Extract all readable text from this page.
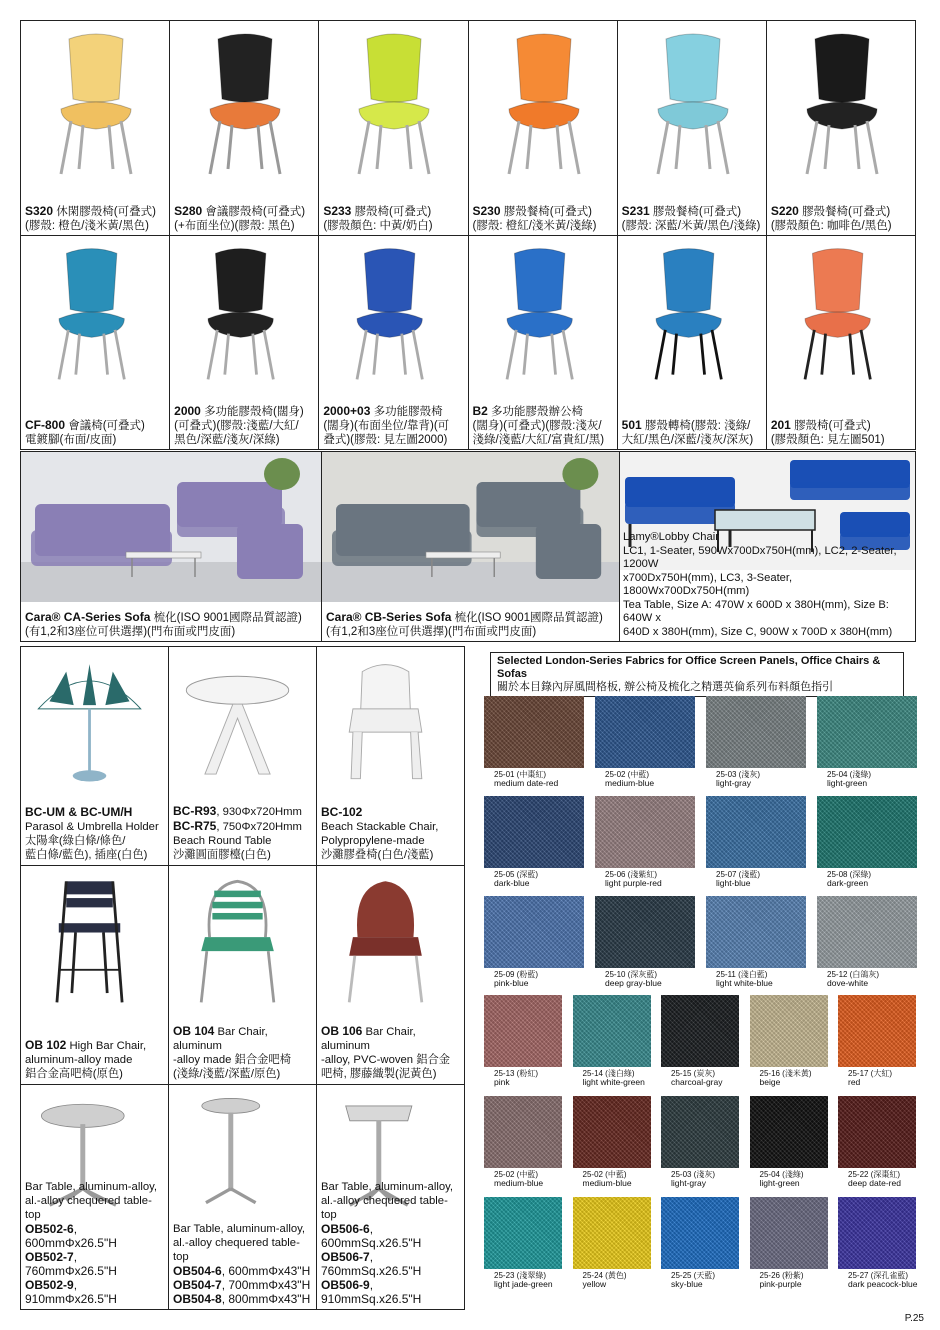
S320 休閑膠殼椅(可叠式)
(膠殼: 橙色/淺米黃/黑色)
S280 會議膠殼椅(可叠式)
(+布面坐位)(膠殼: 黑色)
S233 膠殼椅(可叠式)
(膠殼顏色: 中黃/奶白)
S230 膠殼餐椅(可叠式)
(膠殼: 橙紅/淺米黃/淺綠)
S231 膠殼餐椅(可叠式)
(膠殼: 深藍/米黃/黑色/淺綠)
S220 膠殼餐椅(可叠式)
(膠殼顏色: 咖啡色/黑色)
CF-800 會議椅(可叠式)
電鍍腳(布面/皮面)
2000 多功能膠殼椅(闊身)
(可叠式)(膠殼:淺藍/大紅/
黑色/深藍/淺灰/深綠)
2000+03 多功能膠殼椅
(闊身)(布面坐位/靠背)(可
叠式)(膠殼: 見左圖2000)
B2 多功能膠殼辦公椅
(闊身)(可叠式)(膠殼:淺灰/
淺綠/淺藍/大紅/富貴紅/黑)
501 膠殼轉椅(膠殼: 淺綠/
大紅/黑色/深藍/淺灰/深灰)
201 膠殼椅(可叠式)
(膠殼顏色: 見左圖501)
Cara® CA-Series Sofa 梳化(ISO 9001國際品質認證)
(有1,2和3座位可供選擇)(門布面或門皮面)
Cara® CB-Series Sofa 梳化(ISO 9001國際品質認證)
(有1,2和3座位可供選擇)(門布面或門皮面)
Lamy®Lobby Chair
LC1, 1-Seater, 590Wx700Dx750H(mm), LC2, 2-Seater, 1200W
x700Dx750H(mm), LC3, 3-Seater, 1800Wx700Dx750H(mm)
Tea Table, Size A: 470W x 600D x 380H(mm), Size B: 640W x
640D x 380H(mm), Size C, 900W x 700D x 380H(mm)
BC-UM & BC-UM/H
Parasol & Umbrella Holder
太陽傘(綠白條/條色/
藍白條/藍色), 插座(白色)
BC-R93, 930Φx720Hmm
BC-R75, 750Φx720Hmm
Beach Round Table
沙灘圓面膠檯(白色)
BC-102
Beach Stackable Chair,
Polypropylene-made
沙灘膠叠椅(白色/淺藍)
OB 102 High Bar Chair,
aluminum-alloy made
鋁合金高吧椅(原色)
OB 104 Bar Chair, aluminum
-alloy made 鋁合金吧椅
(淺綠/淺藍/深藍/原色)
OB 106 Bar Chair, aluminum
-alloy, PVC-woven 鋁合金
吧椅, 膠藤織製(泥黃色)
Bar Table, aluminum-alloy,
al.-alloy chequered table-top
OB502-6, 600mmΦx26.5"H
OB502-7, 760mmΦx26.5"H
OB502-9, 910mmΦx26.5"H
Bar Table, aluminum-alloy,
al.-alloy chequered table-top
OB504-6, 600mmΦx43"H
OB504-7, 700mmΦx43"H
OB504-8, 800mmΦx43"H
Bar Table, aluminum-alloy,
al.-alloy chequered table-top
OB506-6, 600mmSq.x26.5"H
OB506-7, 760mmSq.x26.5"H
OB506-9, 910mmSq.x26.5"H
Selected London-Series Fabrics for Office Screen Panels, Office Chairs & Sofas
關於本目錄內屏風間格板, 辦公椅及梳化之精選英倫系列布料顏色指引
25-01 (中棗紅)
medium date-red
25-02 (中藍)
medium-blue
25-03 (淺灰)
light-gray
25-04 (淺綠)
light-green
25-05 (深藍)
dark-blue
25-06 (淺紫紅)
light purple-red
25-07 (淺藍)
light-blue
25-08 (深綠)
dark-green
25-09 (粉藍)
pink-blue
25-10 (深灰藍)
deep gray-blue
25-11 (淺白藍)
light white-blue
25-12 (白鴿灰)
dove-white
25-13 (粉紅)
pink
25-14 (淺白綠)
light white-green
25-15 (炭灰)
charcoal-gray
25-16 (淺米黃)
beige
25-17 (大紅)
red
25-02 (中藍)
medium-blue
25-02 (中藍)
medium-blue
25-03 (淺灰)
light-gray
25-04 (淺綠)
light-green
25-22 (深棗紅)
deep date-red
25-23 (淺翠綠)
light jade-green
25-24 (黃色)
yellow
25-25 (天藍)
sky-blue
25-26 (粉紫)
pink-purple
25-27 (深孔雀藍)
dark peacock-blue
P.25
